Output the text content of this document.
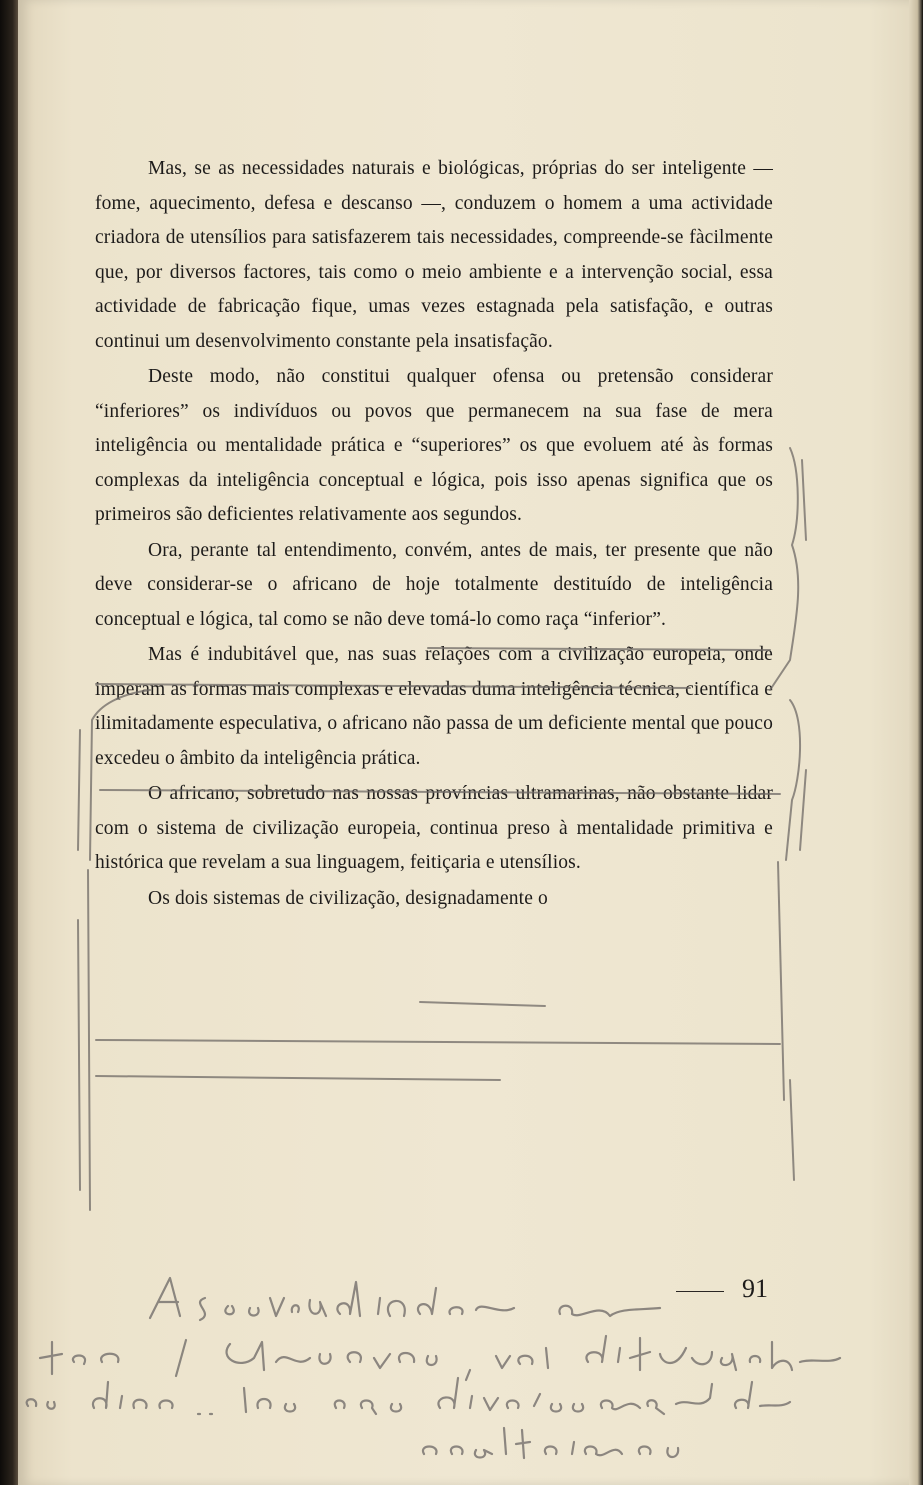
Mas, se as necessidades naturais e biológicas, próprias do ser inteligente — fome, aquecimento, defesa e descanso —, conduzem o homem a uma actividade criadora de utensílios para satisfazerem tais necessidades, compreende-se fàcilmente que, por diversos factores, tais como o meio ambiente e a intervenção social, essa actividade de fabricação fique, umas vezes estagnada pela satisfação, e outras continui um desenvolvimento constante pela insatisfação.

Deste modo, não constitui qualquer ofensa ou pretensão considerar “inferiores” os indivíduos ou povos que permanecem na sua fase de mera inteligência ou mentalidade prática e “superiores” os que evoluem até às formas complexas da inteligência conceptual e lógica, pois isso apenas significa que os primeiros são deficientes relativamente aos segundos.

Ora, perante tal entendimento, convém, antes de mais, ter presente que não deve considerar-se o africano de hoje totalmente destituído de inteligência conceptual e lógica, tal como se não deve tomá-lo como raça “inferior”.

Mas é indubitável que, nas suas relações com a civilização europeia, onde imperam as formas mais complexas e elevadas duma inteligência técnica, científica e ilimitadamente especulativa, o africano não passa de um deficiente mental que pouco excedeu o âmbito da inteligência prática.

O africano, sobretudo nas nossas províncias ultramarinas, não obstante lidar com o sistema de civilização europeia, continua preso à mentalidade primitiva e histórica que revelam a sua linguagem, feitiçaria e utensílios.

Os dois sistemas de civilização, designadamente o

91
